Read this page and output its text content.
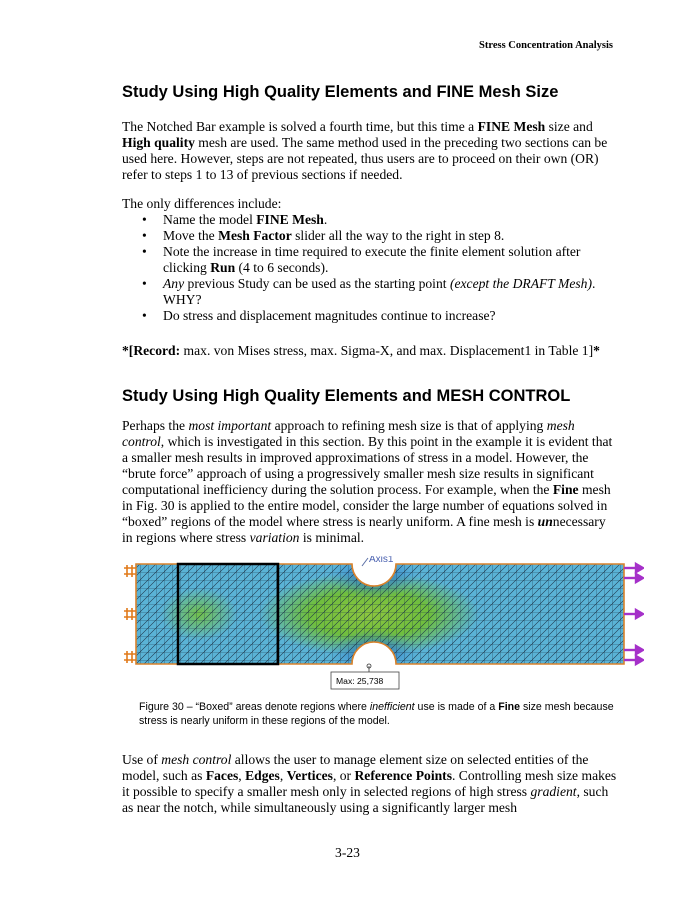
Stress Concentration Analysis
Study Using High Quality Elements and FINE Mesh Size

The Notched Bar example is solved a fourth time, but this time a FINE Mesh size and High quality mesh are used. The same method used in the preceding two sections can be used here. However, steps are not repeated, thus users are to proceed on their own (OR) refer to steps 1 to 13 of previous sections if needed.

The only differences include:

• Name the model FINE Mesh.
• Move the Mesh Factor slider all the way to the right in step 8.
• Note the increase in time required to execute the finite element solution after clicking Run (4 to 6 seconds).
• Any previous Study can be used as the starting point (except the DRAFT Mesh). WHY?
• Do stress and displacement magnitudes continue to increase?

*[Record: max. von Mises stress, max. Sigma-X, and max. Displacement1 in Table 1]*

Study Using High Quality Elements and MESH CONTROL

Perhaps the most important approach to refining mesh size is that of applying mesh control, which is investigated in this section. By this point in the example it is evident that a smaller mesh results in improved approximations of stress in a model. However, the “brute force” approach of using a progressively smaller mesh size results in significant computational inefficiency during the solution process. For example, when the Fine mesh in Fig. 30 is applied to the entire model, consider the large number of equations solved in “boxed” regions of the model where stress is nearly uniform. A fine mesh is unnecessary in regions where stress variation is minimal.

Axis1
Max: 25,738

Figure 30 – “Boxed” areas denote regions where inefficient use is made of a Fine size mesh because stress is nearly uniform in these regions of the model.

Use of mesh control allows the user to manage element size on selected entities of the model, such as Faces, Edges, Vertices, or Reference Points. Controlling mesh size makes it possible to specify a smaller mesh only in selected regions of high stress gradient, such as near the notch, while simultaneously using a significantly larger mesh

3-23
